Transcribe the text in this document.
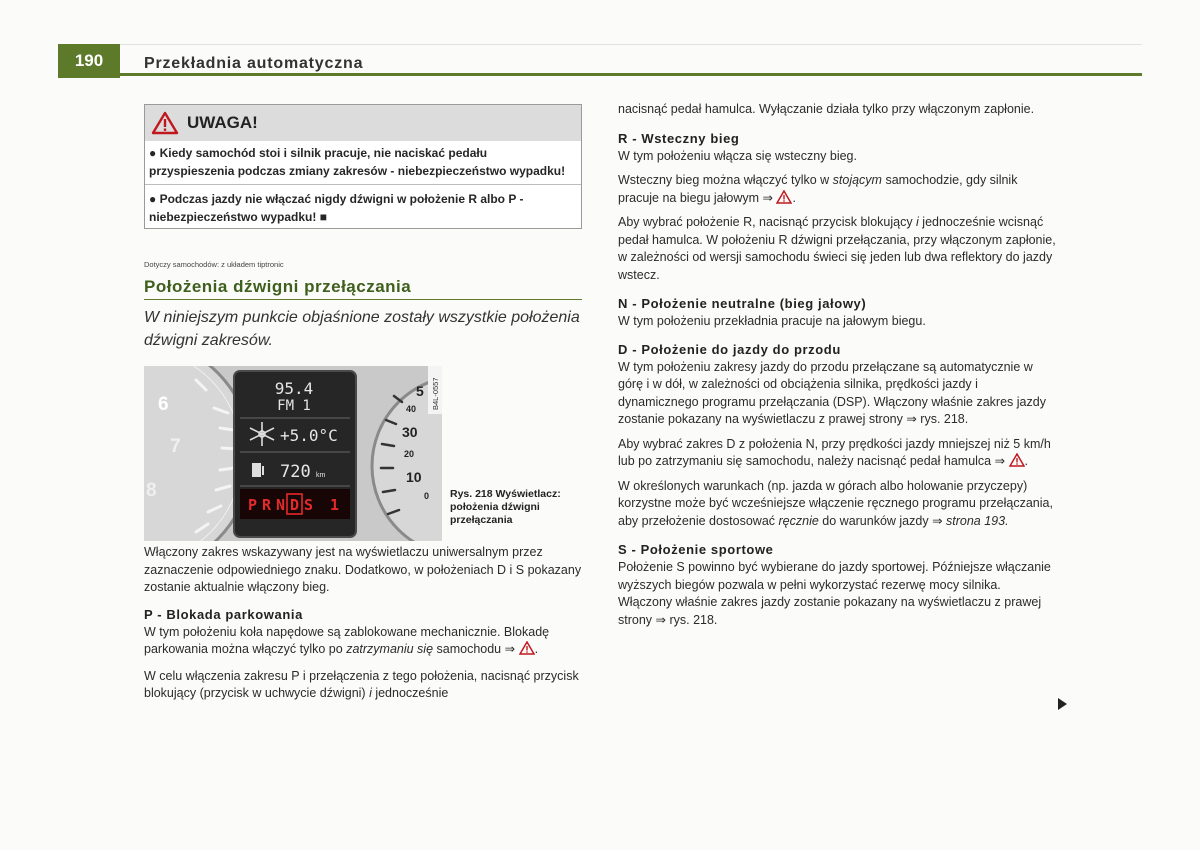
190	Przekładnia automatyczna
UWAGA!
● Kiedy samochód stoi i silnik pracuje, nie naciskać pedału przyspieszenia podczas zmiany zakresów - niebezpieczeństwo wypadku!
● Podczas jazdy nie włączać nigdy dźwigni w położenie R albo P - niebezpieczeństwo wypadku! ■
Dotyczy samochodów: z układem tiptronic
Położenia dźwigni przełączania
W niniejszym punkcie objaśnione zostały wszystkie położenia dźwigni zakresów.
6
7
8
95.4
FM 1
+5.0°C
720 km
P R N D S 1
5
40
30
20
10
0
B4L-0557
Rys. 218 Wyświetlacz: położenia dźwigni przełączania

Włączony zakres wskazywany jest na wyświetlaczu uniwersalnym przez zaznaczenie odpowiedniego znaku. Dodatkowo, w położeniach D i S pokazany zostanie aktualnie włączony bieg.

P - Blokada parkowania

W tym położeniu koła napędowe są zablokowane mechanicznie. Blokadę parkowania można włączyć tylko po zatrzymaniu się samochodu ⇒ .

W celu włączenia zakresu P i przełączenia z tego położenia, nacisnąć przycisk blokujący (przycisk w uchwycie dźwigni) i jednocześnie

nacisnąć pedał hamulca. Wyłączanie działa tylko przy włączonym zapłonie.

R - Wsteczny bieg

W tym położeniu włącza się wsteczny bieg.

Wsteczny bieg można włączyć tylko w stojącym samochodzie, gdy silnik pracuje na biegu jałowym ⇒ .

Aby wybrać położenie R, nacisnąć przycisk blokujący i jednocześnie wcisnąć pedał hamulca. W położeniu R dźwigni przełączania, przy włączonym zapłonie, w zależności od wersji samochodu świeci się jeden lub dwa reflektory do jazdy wstecz.

N - Położenie neutralne (bieg jałowy)

W tym położeniu przekładnia pracuje na jałowym biegu.

D - Położenie do jazdy do przodu

W tym położeniu zakresy jazdy do przodu przełączane są automatycznie w górę i w dół, w zależności od obciążenia silnika, prędkości jazdy i dynamicznego programu przełączania (DSP). Włączony właśnie zakres jazdy zostanie pokazany na wyświetlaczu z prawej strony ⇒ rys. 218.

Aby wybrać zakres D z położenia N, przy prędkości jazdy mniejszej niż 5 km/h lub po zatrzymaniu się samochodu, należy nacisnąć pedał hamulca ⇒ .

W określonych warunkach (np. jazda w górach albo holowanie przyczepy) korzystne może być wcześniejsze włączenie ręcznego programu przełączania, aby przełożenie dostosować ręcznie do warunków jazdy ⇒ strona 193.

S - Położenie sportowe

Położenie S powinno być wybierane do jazdy sportowej. Późniejsze włączanie wyższych biegów pozwala w pełni wykorzystać rezerwę mocy silnika. Włączony właśnie zakres jazdy zostanie pokazany na wyświetlaczu z prawej strony ⇒ rys. 218.
